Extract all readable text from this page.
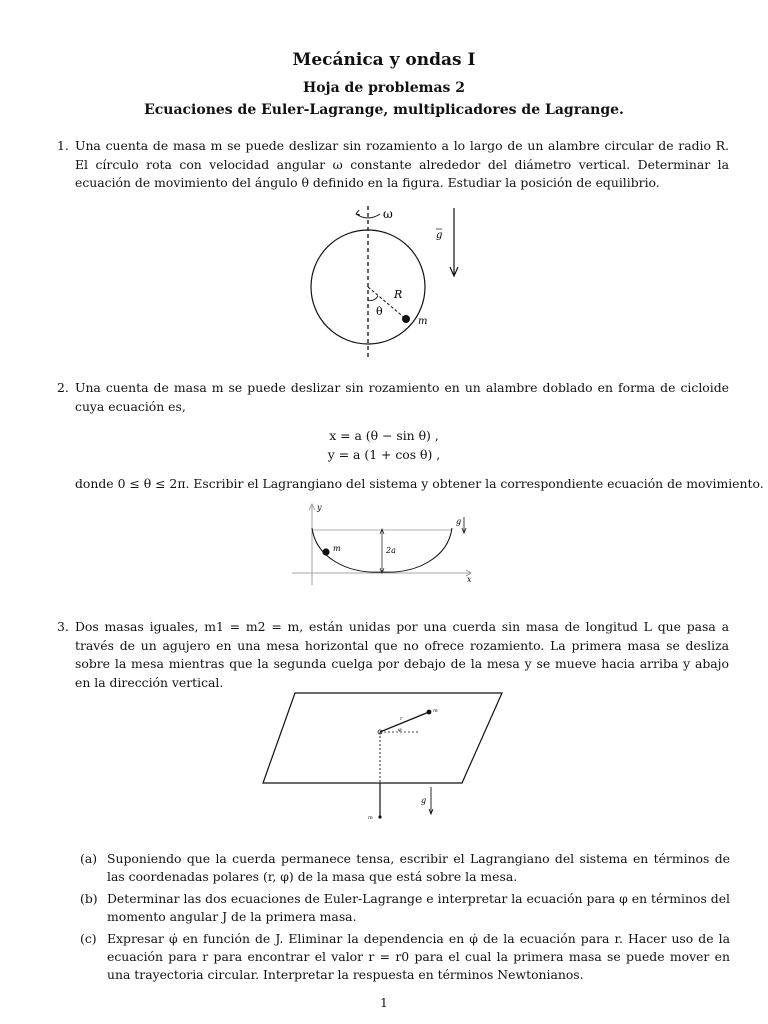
Mecánica y ondas I
Hoja de problemas 2
Ecuaciones de Euler-Lagrange, multiplicadores de Lagrange.
1. Una cuenta de masa m se puede deslizar sin rozamiento a lo largo de un alambre circular de radio R. El círculo rota con velocidad angular ω constante alrededor del diámetro vertical. Determinar la ecuación de movimiento del ángulo θ definido en la figura. Estudiar la posición de equilibrio.
ω
R
θ
m
g
2. Una cuenta de masa m se puede deslizar sin rozamiento en un alambre doblado en forma de cicloide cuya ecuación es,
x = a (θ − sin θ) ,
y = a (1 + cos θ) ,
donde 0 ≤ θ ≤ 2π. Escribir el Lagrangiano del sistema y obtener la correspondiente ecuación de movimiento.
y
x
2a
m
g
3. Dos masas iguales, m1 = m2 = m, están unidas por una cuerda sin masa de longitud L que pasa a través de un agujero en una mesa horizontal que no ofrece rozamiento. La primera masa se desliza sobre la mesa mientras que la segunda cuelga por debajo de la mesa y se mueve hacia arriba y abajo en la dirección vertical.
m
r
φ
m
g
(a) Suponiendo que la cuerda permanece tensa, escribir el Lagrangiano del sistema en términos de las coordenadas polares (r, φ) de la masa que está sobre la mesa.
(b) Determinar las dos ecuaciones de Euler-Lagrange e interpretar la ecuación para φ en términos del momento angular J de la primera masa.
(c) Expresar φ̇ en función de J. Eliminar la dependencia en φ̇ de la ecuación para r. Hacer uso de la ecuación para r para encontrar el valor r = r0 para el cual la primera masa se puede mover en una trayectoria circular. Interpretar la respuesta en términos Newtonianos.
1
